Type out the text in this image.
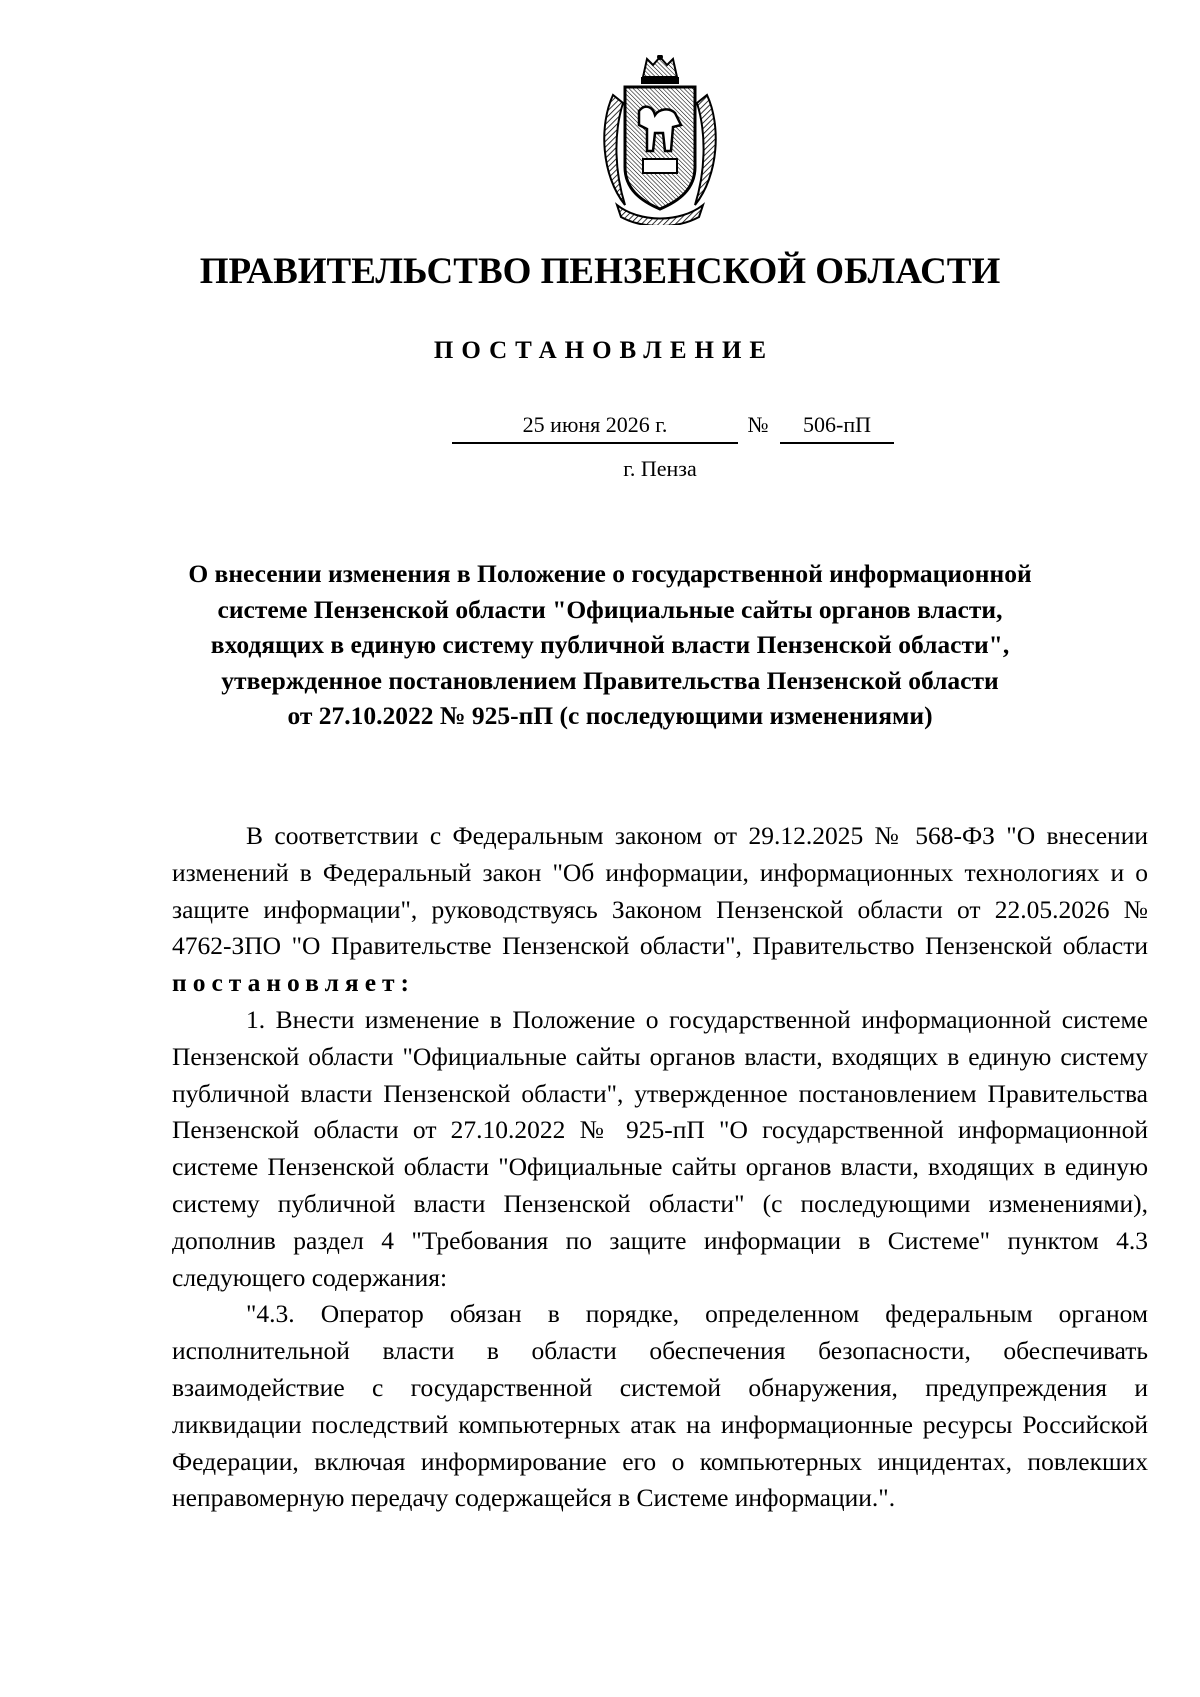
ПРАВИТЕЛЬСТВО ПЕНЗЕНСКОЙ ОБЛАСТИ
ПОСТАНОВЛЕНИЕ
25 июня 2026 г.	№	506-пП
г. Пенза
О внесении изменения в Положение о государственной информационной
системе Пензенской области "Официальные сайты органов власти,
входящих в единую систему публичной власти Пензенской области",
утвержденное постановлением Правительства Пензенской области
от 27.10.2022 № 925-пП (с последующими изменениями)

В соответствии с Федеральным законом от 29.12.2025 № 568-ФЗ "О внесении изменений в Федеральный закон "Об информации, информационных технологиях и о защите информации", руководствуясь Законом Пензенской области от 22.05.2026 № 4762-ЗПО "О Правительстве Пензенской области", Правительство Пензенской области постановляет:

1. Внести изменение в Положение о государственной информационной системе Пензенской области "Официальные сайты органов власти, входящих в единую систему публичной власти Пензенской области", утвержденное постановлением Правительства Пензенской области от 27.10.2022 № 925-пП "О государственной информационной системе Пензенской области "Официальные сайты органов власти, входящих в единую систему публичной власти Пензенской области" (с последующими изменениями), дополнив раздел 4 "Требования по защите информации в Системе" пунктом 4.3 следующего содержания:

"4.3. Оператор обязан в порядке, определенном федеральным органом исполнительной власти в области обеспечения безопасности, обеспечивать взаимодействие с государственной системой обнаружения, предупреждения и ликвидации последствий компьютерных атак на информационные ресурсы Российской Федерации, включая информирование его о компьютерных инцидентах, повлекших неправомерную передачу содержащейся в Системе информации.".
